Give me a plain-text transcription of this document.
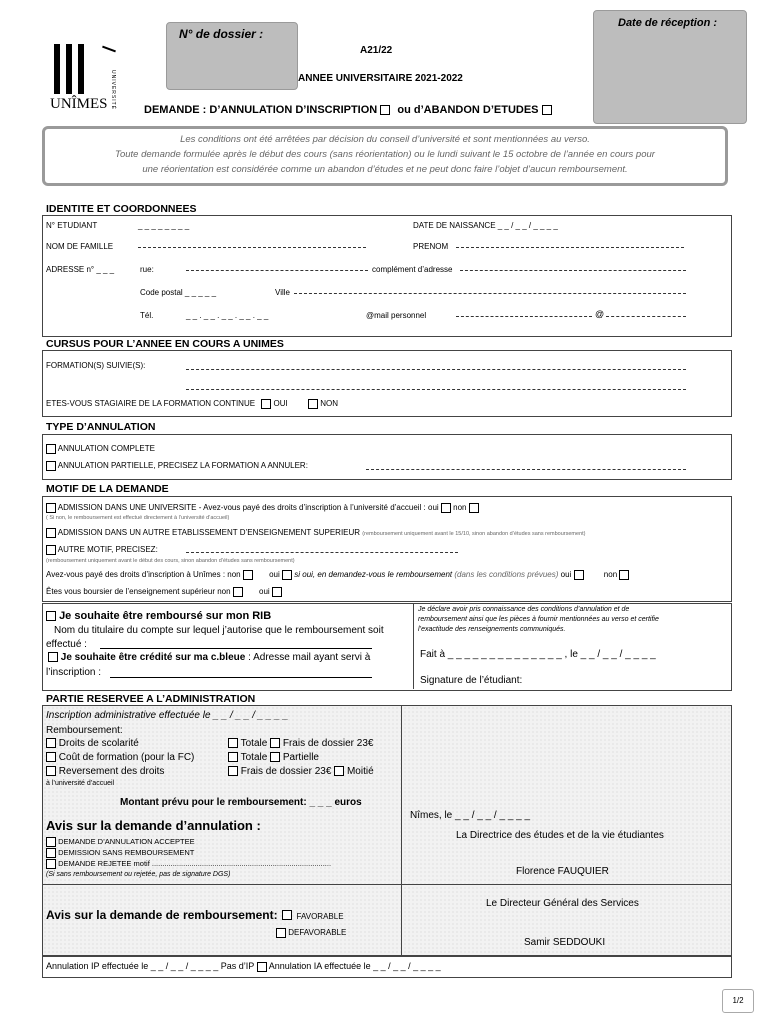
UNIVERSITÉ
UNÎMES
N° de dossier :
A21/22
ANNEE UNIVERSITAIRE 2021-2022
Date de réception :
DEMANDE : D’ANNULATION D’INSCRIPTION ou d’ABANDON D’ETUDES
Les conditions ont été arrêtées par décision du conseil d’université et sont mentionnées au verso.
Toute demande formulée après le début des cours (sans réorientation) ou le lundi suivant le 15 octobre de l’année en cours pour
une réorientation est considérée comme un abandon d’études et ne peut donc faire l’objet d’aucun remboursement.
IDENTITE ET COORDONNEES
N° ETUDIANT	_ _ _ _ _ _ _ _	DATE DE NAISSANCE _ _ / _ _ / _ _ _ _
NOM DE FAMILLE	PRENOM
ADRESSE n° _ _ _	rue:	complément d’adresse
Code postal _ _ _ _ _	Ville
Tél.	_ _ . _ _ . _ _ . _ _ . _ _	@mail personnel	@
CURSUS POUR L’ANNEE EN COURS A UNIMES
FORMATION(S) SUIVIE(S):
ETES-VOUS STAGIAIRE DE LA FORMATION CONTINUE OUI	NON
TYPE D’ANNULATION
ANNULATION COMPLETE
ANNULATION PARTIELLE, PRECISEZ LA FORMATION A ANNULER:
MOTIF DE LA DEMANDE
ADMISSION DANS UNE UNIVERSITE - Avez-vous payé des droits d’inscription à l’université d’accueil : oui non
( Si non, le remboursement est effectué directement à l’université d’accueil)
ADMISSION DANS UN AUTRE ETABLISSEMENT D’ENSEIGNEMENT SUPERIEUR (remboursement uniquement avant le 15/10, sinon abandon d’études sans remboursement)
AUTRE MOTIF, PRECISEZ:
(remboursement uniquement avant le début des cours, sinon abandon d’études sans remboursement)
Avez-vous payé des droits d’inscription à Unîmes : non	oui si oui, en demandez-vous le remboursement (dans les conditions prévues) oui	non
Êtes vous boursier de l’enseignement supérieur non	oui
Je souhaite être remboursé sur mon RIB
Nom du titulaire du compte sur lequel j’autorise que le remboursement soit
effectué :
Je souhaite être crédité sur ma c.bleue : Adresse mail ayant servi à
l’inscription :
Je déclare avoir pris connaissance des conditions d’annulation et de
remboursement ainsi que les pièces à fournir mentionnées au verso et certifie
l’exactitude des renseignements communiqués.
Fait à _ _ _ _ _ _ _ _ _ _ _ _ _ _ , le _ _ / _ _ / _ _ _ _
Signature de l’étudiant:
PARTIE RESERVEE A L’ADMINISTRATION
Inscription administrative effectuée le _ _ / _ _ / _ _ _ _
Remboursement:
Droits de scolarité	Totale Frais de dossier 23€
Coût de formation (pour la FC)	Totale Partielle
Reversement des droits	Frais de dossier 23€ Moitié
à l’université d’accueil
Montant prévu pour le remboursement: _ _ _ euros
Avis sur la demande d’annulation :
DEMANDE D’ANNULATION ACCEPTEE
DEMISSION SANS REMBOURSEMENT
DEMANDE REJETEE motif ......................................................................................
(Si sans remboursement ou rejetée, pas de signature DGS)
Nîmes, le _ _ / _ _ / _ _ _ _
La Directrice des études et de la vie étudiantes
Florence FAUQUIER
Avis sur la demande de remboursement: FAVORABLE
DEFAVORABLE
Le Directeur Général des Services
Samir SEDDOUKI
Annulation IP effectuée le _ _ / _ _ / _ _ _ _ Pas d’IP Annulation IA effectuée le _ _ / _ _ / _ _ _ _
1/2
